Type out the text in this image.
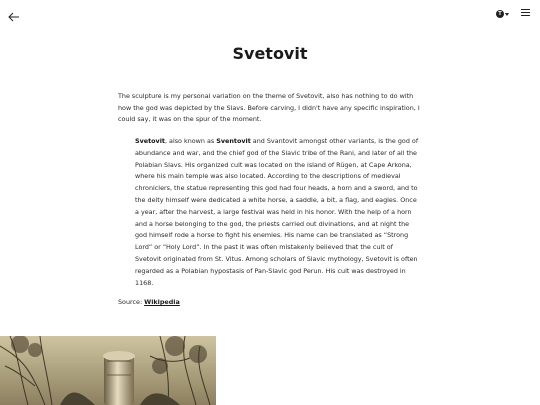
T
Svetovit

The sculpture is my personal variation on the theme of Svetovit, also has nothing to do with how the god was depicted by the Slavs. Before carving, I didn't have any specific inspiration, I could say, it was on the spur of the moment.

Svetovit, also known as Sventovit and Svantovit amongst other variants, is the god of abundance and war, and the chief god of the Slavic tribe of the Rani, and later of all the Polabian Slavs. His organized cult was located on the island of Rügen, at Cape Arkona, where his main temple was also located. According to the descriptions of medieval chroniclers, the statue representing this god had four heads, a horn and a sword, and to the deity himself were dedicated a white horse, a saddle, a bit, a flag, and eagles. Once a year, after the harvest, a large festival was held in his honor. With the help of a horn and a horse belonging to the god, the priests carried out divinations, and at night the god himself rode a horse to fight his enemies. His name can be translated as “Strong Lord” or “Holy Lord”. In the past it was often mistakenly believed that the cult of Svetovit originated from St. Vitus. Among scholars of Slavic mythology, Svetovit is often regarded as a Polabian hypostasis of Pan-Slavic god Perun. His cult was destroyed in 1168.

Source: Wikipedia
